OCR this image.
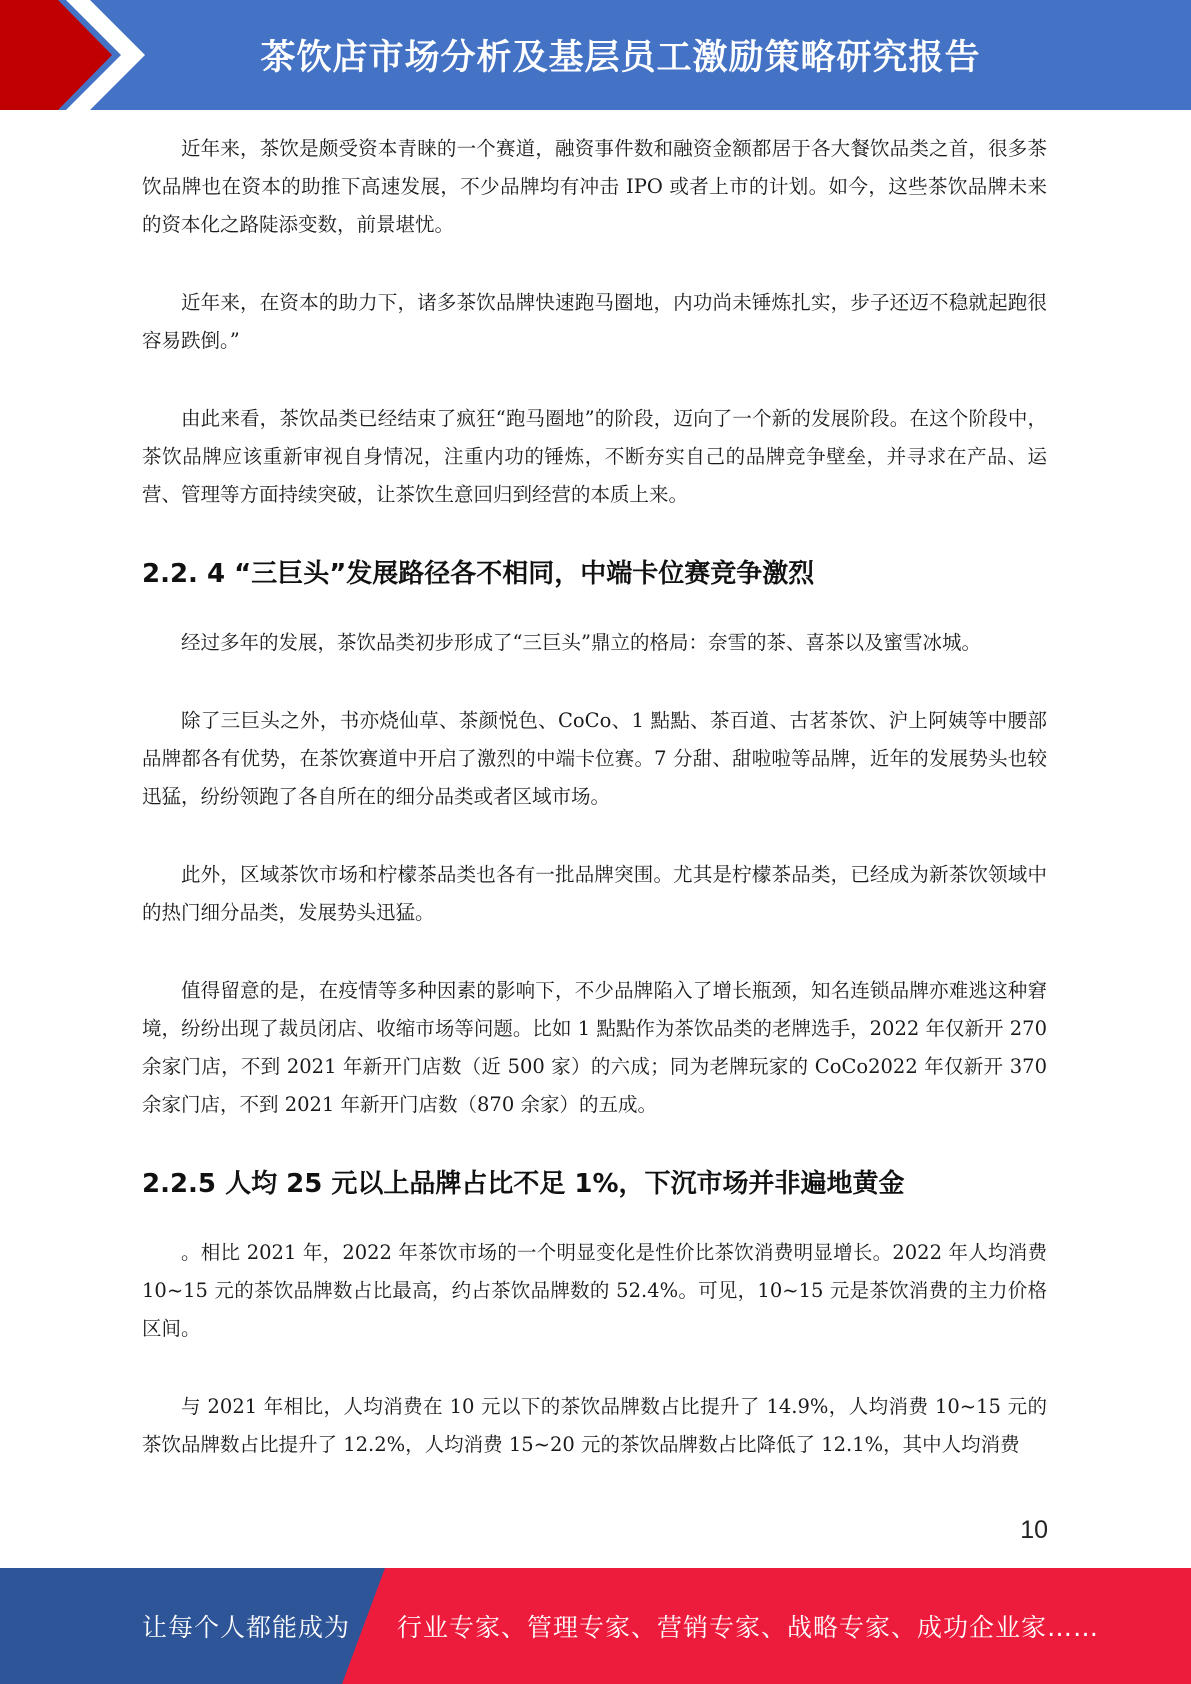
茶饮店市场分析及基层员工激励策略研究报告

近年来，茶饮是颇受资本青睐的一个赛道，融资事件数和融资金额都居于各大餐饮品类之首，很多茶饮品牌也在资本的助推下高速发展，不少品牌均有冲击 IPO 或者上市的计划。如今，这些茶饮品牌未来的资本化之路陡添变数，前景堪忧。

近年来，在资本的助力下，诸多茶饮品牌快速跑马圈地，内功尚未锤炼扎实，步子还迈不稳就起跑很容易跌倒。”

由此来看，茶饮品类已经结束了疯狂“跑马圈地”的阶段，迈向了一个新的发展阶段。在这个阶段中，茶饮品牌应该重新审视自身情况，注重内功的锤炼，不断夯实自己的品牌竞争壁垒，并寻求在产品、运营、管理等方面持续突破，让茶饮生意回归到经营的本质上来。

2.2. 4 “三巨头”发展路径各不相同，中端卡位赛竞争激烈

经过多年的发展，茶饮品类初步形成了“三巨头”鼎立的格局：奈雪的茶、喜茶以及蜜雪冰城。

除了三巨头之外，书亦烧仙草、茶颜悦色、CoCo、1 點點、茶百道、古茗茶饮、沪上阿姨等中腰部品牌都各有优势，在茶饮赛道中开启了激烈的中端卡位赛。7 分甜、甜啦啦等品牌，近年的发展势头也较迅猛，纷纷领跑了各自所在的细分品类或者区域市场。

此外，区域茶饮市场和柠檬茶品类也各有一批品牌突围。尤其是柠檬茶品类，已经成为新茶饮领域中的热门细分品类，发展势头迅猛。

值得留意的是，在疫情等多种因素的影响下，不少品牌陷入了增长瓶颈，知名连锁品牌亦难逃这种窘境，纷纷出现了裁员闭店、收缩市场等问题。比如 1 點點作为茶饮品类的老牌选手，2022 年仅新开 270 余家门店，不到 2021 年新开门店数（近 500 家）的六成；同为老牌玩家的 CoCo2022 年仅新开 370 余家门店，不到 2021 年新开门店数（870 余家）的五成。

2.2.5 人均 25 元以上品牌占比不足 1%，下沉市场并非遍地黄金

。相比 2021 年，2022 年茶饮市场的一个明显变化是性价比茶饮消费明显增长。2022 年人均消费 10~15 元的茶饮品牌数占比最高，约占茶饮品牌数的 52.4%。可见，10~15 元是茶饮消费的主力价格区间。

与 2021 年相比，人均消费在 10 元以下的茶饮品牌数占比提升了 14.9%，人均消费 10~15 元的茶饮品牌数占比提升了 12.2%，人均消费 15~20 元的茶饮品牌数占比降低了 12.1%，其中人均消费

10
让每个人都能成为 行业专家、管理专家、营销专家、战略专家、成功企业家……
